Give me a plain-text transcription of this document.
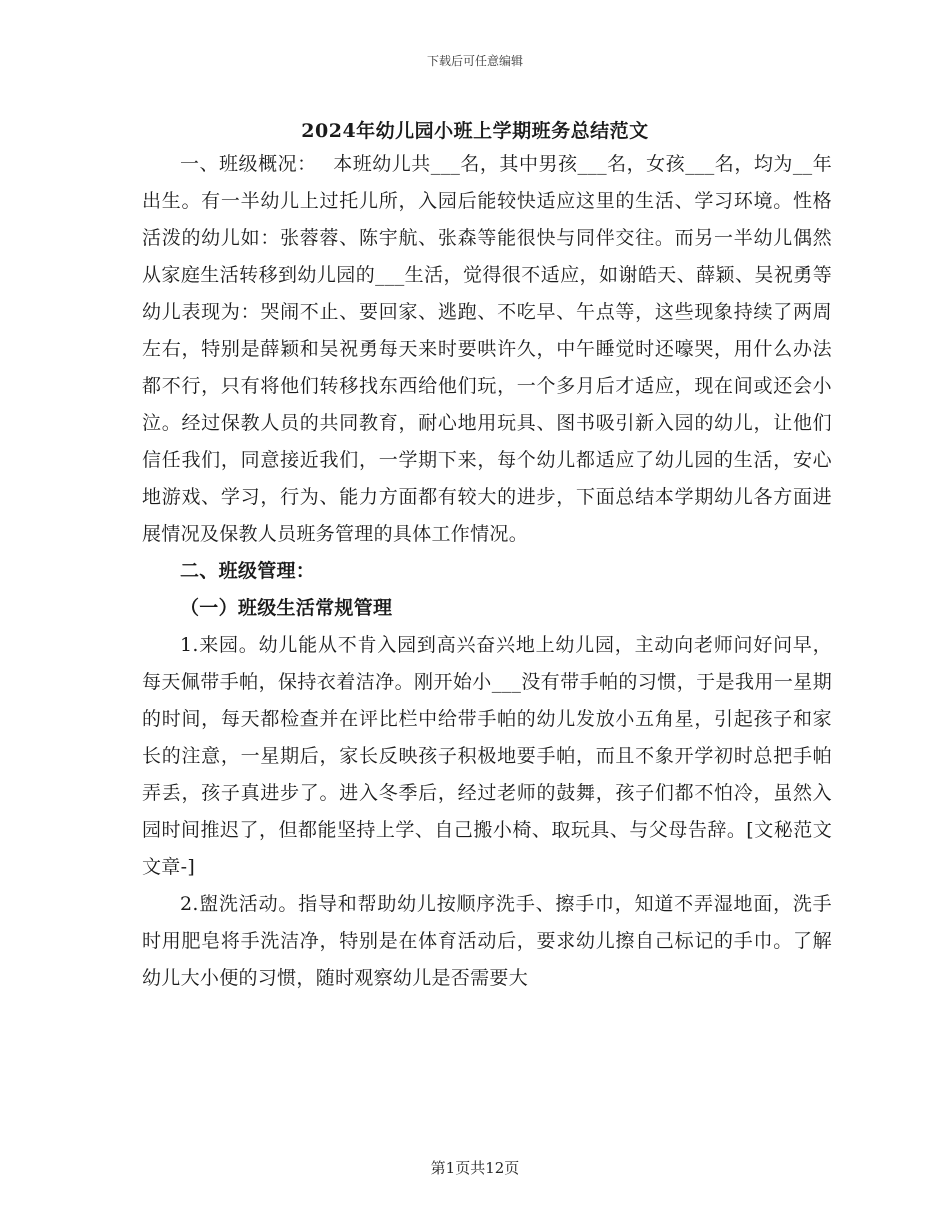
下载后可任意编辑
2024年幼儿园小班上学期班务总结范文

一、班级概况：　 本班幼儿共___名，其中男孩___名，女孩___名，均为__年出生。有一半幼儿上过托儿所，入园后能较快适应这里的生活、学习环境。性格活泼的幼儿如：张蓉蓉、陈宇航、张森等能很快与同伴交往。而另一半幼儿偶然从家庭生活转移到幼儿园的___生活，觉得很不适应，如谢皓天、薛颖、吴祝勇等幼儿表现为：哭闹不止、要回家、逃跑、不吃早、午点等，这些现象持续了两周左右，特别是薛颖和吴祝勇每天来时要哄许久，中午睡觉时还嚎哭，用什么办法都不行，只有将他们转移找东西给他们玩，一个多月后才适应，现在间或还会小泣。经过保教人员的共同教育，耐心地用玩具、图书吸引新入园的幼儿，让他们信任我们，同意接近我们，一学期下来，每个幼儿都适应了幼儿园的生活，安心地游戏、学习，行为、能力方面都有较大的进步，下面总结本学期幼儿各方面进展情况及保教人员班务管理的具体工作情况。

二、班级管理：

（一）班级生活常规管理

1.来园。幼儿能从不肯入园到高兴奋兴地上幼儿园，主动向老师问好问早，每天佩带手帕，保持衣着洁净。刚开始小___没有带手帕的习惯，于是我用一星期的时间，每天都检查并在评比栏中给带手帕的幼儿发放小五角星，引起孩子和家长的注意，一星期后，家长反映孩子积极地要手帕，而且不象开学初时总把手帕弄丢，孩子真进步了。进入冬季后，经过老师的鼓舞，孩子们都不怕冷，虽然入园时间推迟了，但都能坚持上学、自己搬小椅、取玩具、与父母告辞。[文秘范文文章-]

2.盥洗活动。指导和帮助幼儿按顺序洗手、擦手巾，知道不弄湿地面，洗手时用肥皂将手洗洁净，特别是在体育活动后，要求幼儿擦自己标记的手巾。了解幼儿大小便的习惯，随时观察幼儿是否需要大

第1页共12页
